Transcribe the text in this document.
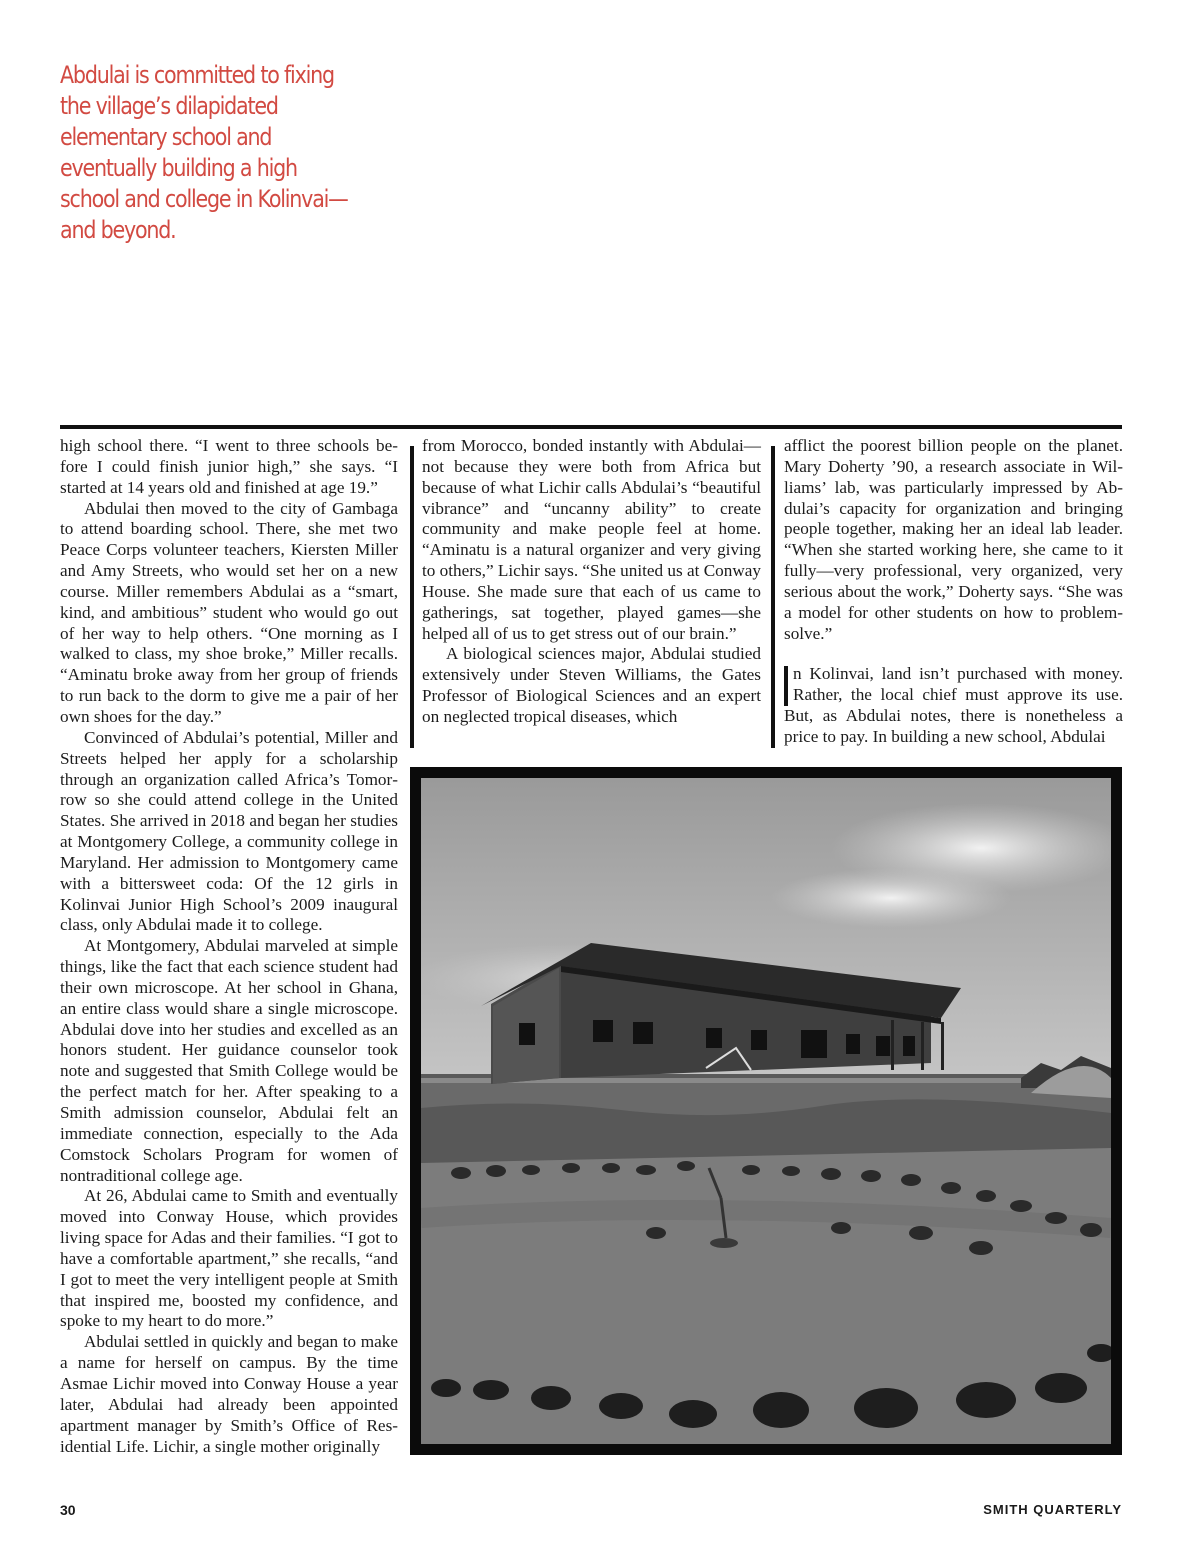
Abdulai is committed to fixing the village’s dilapidated elementary school and eventually building a high school and college in Kolinvai—and beyond.

high school there. “I went to three schools before I could finish junior high,” she says. “I started at 14 years old and finished at age 19.”

Abdulai then moved to the city of Gambaga to attend boarding school. There, she met two Peace Corps volunteer teachers, Kiersten Miller and Amy Streets, who would set her on a new course. Miller remembers Abdulai as a “smart, kind, and ambitious” student who would go out of her way to help others. “One morning as I walked to class, my shoe broke,” Miller recalls. “Aminatu broke away from her group of friends to run back to the dorm to give me a pair of her own shoes for the day.”

Convinced of Abdulai’s potential, Miller and Streets helped her apply for a scholarship through an organization called Africa’s Tomorrow so she could attend college in the United States. She arrived in 2018 and began her studies at Montgomery College, a community college in Maryland. Her admission to Montgomery came with a bittersweet coda: Of the 12 girls in Kolinvai Junior High School’s 2009 inaugural class, only Abdulai made it to college.

At Montgomery, Abdulai marveled at simple things, like the fact that each science student had their own microscope. At her school in Ghana, an entire class would share a single microscope. Abdulai dove into her studies and excelled as an honors student. Her guidance counselor took note and suggested that Smith College would be the perfect match for her. After speaking to a Smith admission counselor, Abdulai felt an immediate connection, especially to the Ada Comstock Scholars Program for women of nontraditional college age.

At 26, Abdulai came to Smith and eventually moved into Conway House, which provides living space for Adas and their families. “I got to have a comfortable apartment,” she recalls, “and I got to meet the very intelligent people at Smith that inspired me, boosted my confidence, and spoke to my heart to do more.”

Abdulai settled in quickly and began to make a name for herself on campus. By the time Asmae Lichir moved into Conway House a year later, Abdulai had already been appointed apartment manager by Smith’s Office of Residential Life. Lichir, a single mother originally

from Morocco, bonded instantly with Abdulai—not because they were both from Africa but because of what Lichir calls Abdulai’s “beautiful vibrance” and “uncanny ability” to create community and make people feel at home. “Aminatu is a natural organizer and very giving to others,” Lichir says. “She united us at Conway House. She made sure that each of us came to gatherings, sat together, played games—she helped all of us to get stress out of our brain.”

A biological sciences major, Abdulai studied extensively under Steven Williams, the Gates Professor of Biological Sciences and an expert on neglected tropical diseases, which

afflict the poorest billion people on the planet. Mary Doherty ’90, a research associate in Williams’ lab, was particularly impressed by Abdulai’s capacity for organization and bringing people together, making her an ideal lab leader. “When she started working here, she came to it fully—very professional, very organized, very serious about the work,” Doherty says. “She was a model for other students on how to problem-solve.”

n Kolinvai, land isn’t purchased with money. Rather, the local chief must approve its use. But, as Abdulai notes, there is nonetheless a price to pay. In building a new school, Abdulai

30	SMITH QUARTERLY
